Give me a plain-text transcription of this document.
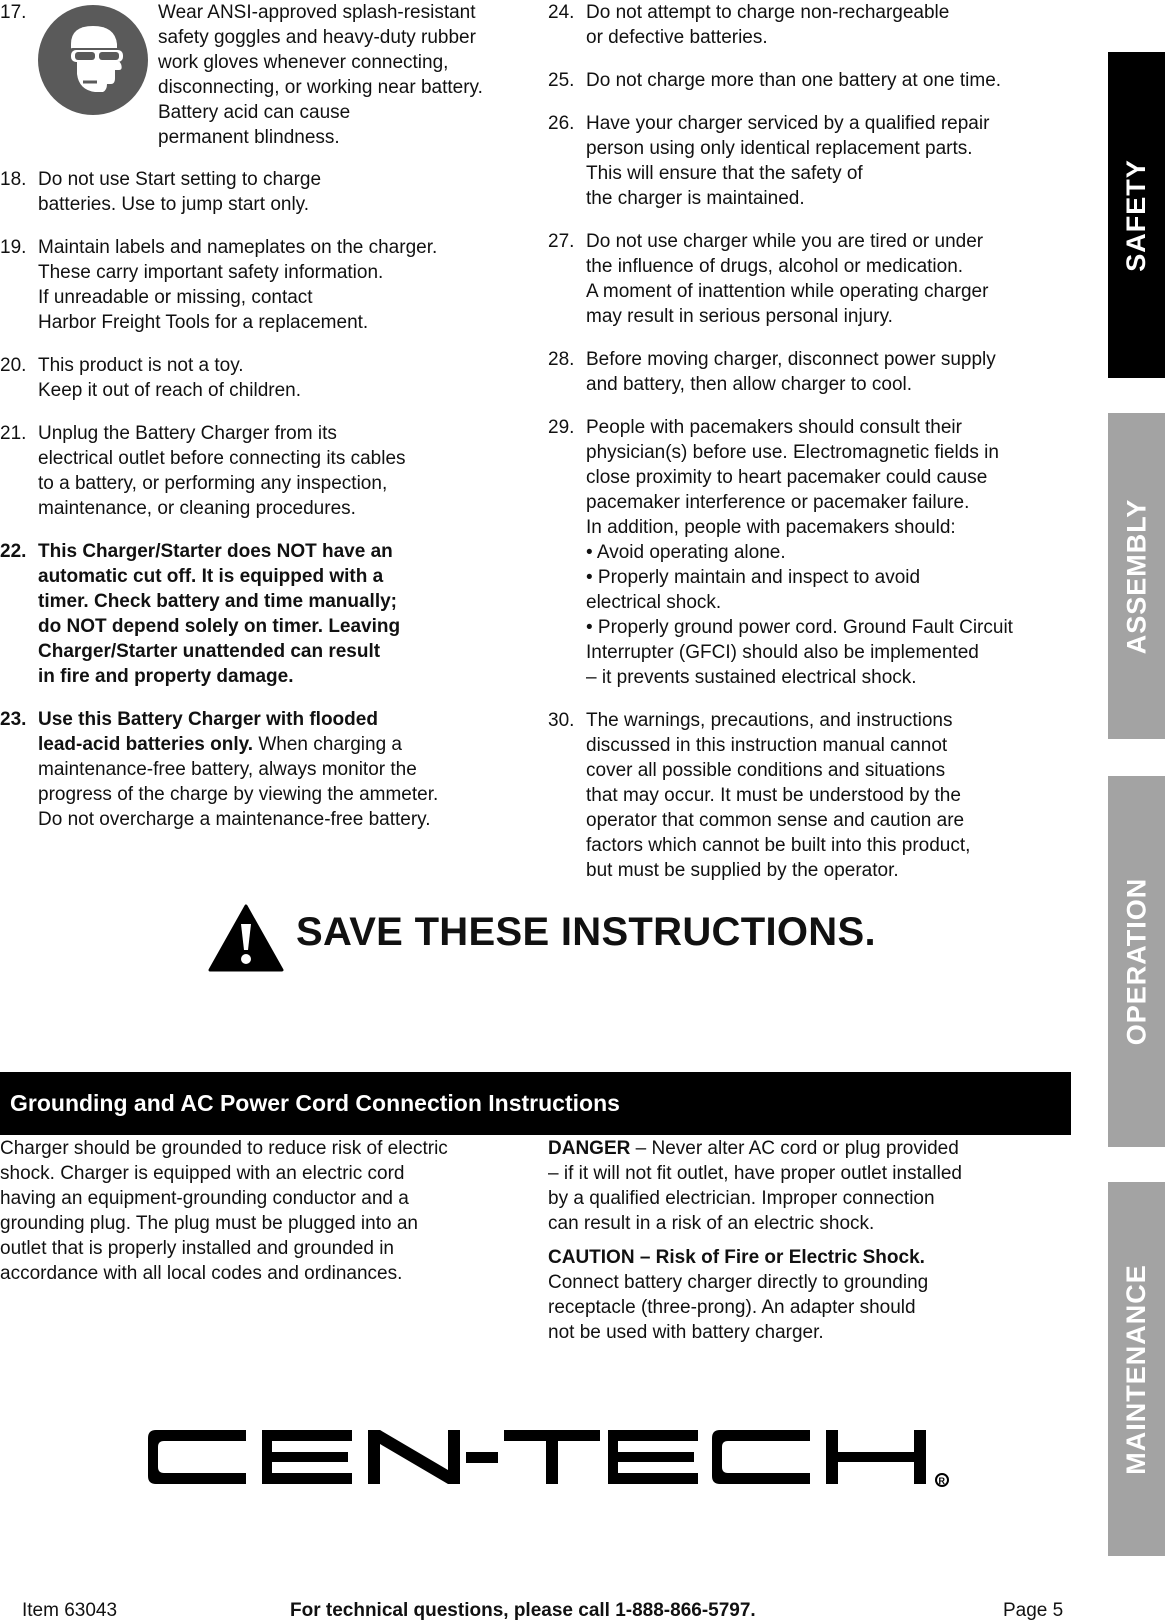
17.	Wear ANSI-approved splash-resistant
safety goggles and heavy-duty rubber
work gloves whenever connecting,
disconnecting, or working near battery.
Battery acid can cause
permanent blindness.
18. Do not use Start setting to charge
batteries. Use to jump start only.
19. Maintain labels and nameplates on the charger.
These carry important safety information.
If unreadable or missing, contact
Harbor Freight Tools for a replacement.
20. This product is not a toy.
Keep it out of reach of children.
21. Unplug the Battery Charger from its
electrical outlet before connecting its cables
to a battery, or performing any inspection,
maintenance, or cleaning procedures.
22. This Charger/Starter does NOT have an
automatic cut off. It is equipped with a
timer. Check battery and time manually;
do NOT depend solely on timer. Leaving
Charger/Starter unattended can result
in fire and property damage.
23. Use this Battery Charger with flooded
lead-acid batteries only. When charging a
maintenance-free battery, always monitor the
progress of the charge by viewing the ammeter.
Do not overcharge a maintenance-free battery.
24. Do not attempt to charge non-rechargeable
or defective batteries.
25. Do not charge more than one battery at one time.
26. Have your charger serviced by a qualified repair
person using only identical replacement parts.
This will ensure that the safety of
the charger is maintained.
27. Do not use charger while you are tired or under
the influence of drugs, alcohol or medication.
A moment of inattention while operating charger
may result in serious personal injury.
28. Before moving charger, disconnect power supply
and battery, then allow charger to cool.
29. People with pacemakers should consult their
physician(s) before use. Electromagnetic fields in
close proximity to heart pacemaker could cause
pacemaker interference or pacemaker failure.
In addition, people with pacemakers should:
• Avoid operating alone.
• Properly maintain and inspect to avoid
electrical shock.
• Properly ground power cord. Ground Fault Circuit
Interrupter (GFCI) should also be implemented
– it prevents sustained electrical shock.
30. The warnings, precautions, and instructions
discussed in this instruction manual cannot
cover all possible conditions and situations
that may occur. It must be understood by the
operator that common sense and caution are
factors which cannot be built into this product,
but must be supplied by the operator.
SAVE THESE INSTRUCTIONS.
Grounding and AC Power Cord Connection Instructions
Charger should be grounded to reduce risk of electric
shock. Charger is equipped with an electric cord
having an equipment-grounding conductor and a
grounding plug. The plug must be plugged into an
outlet that is properly installed and grounded in
accordance with all local codes and ordinances.
DANGER – Never alter AC cord or plug provided
– if it will not fit outlet, have proper outlet installed
by a qualified electrician. Improper connection
can result in a risk of an electric shock.
CAUTION – Risk of Fire or Electric Shock.
Connect battery charger directly to grounding
receptacle (three-prong). An adapter should
not be used with battery charger.
R
Item 63043	For technical questions, please call 1-888-866-5797.	Page 5
SAFETY
ASSEMBLY
OPERATION
MAINTENANCE
